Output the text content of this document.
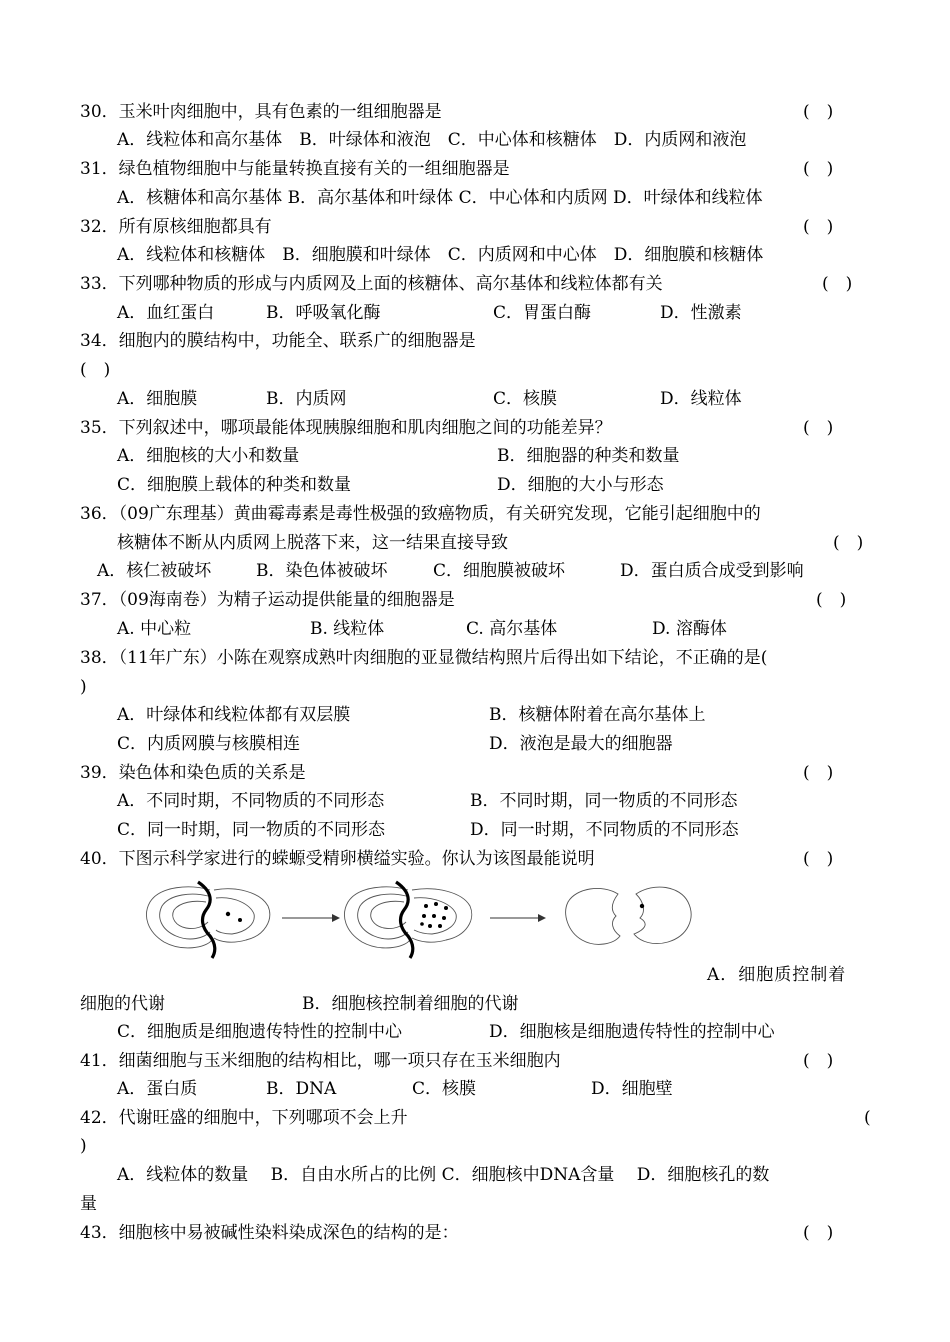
30．玉米叶肉细胞中，具有色素的一组细胞器是	(　)
A．线粒体和高尔基体　B．叶绿体和液泡　C．中心体和核糖体　D．内质网和液泡
31．绿色植物细胞中与能量转换直接有关的一组细胞器是	(　)
A．核糖体和高尔基体 B．高尔基体和叶绿体 C．中心体和内质网 D．叶绿体和线粒体
32．所有原核细胞都具有	(　)
A．线粒体和核糖体　B．细胞膜和叶绿体　C．内质网和中心体　D．细胞膜和核糖体
33．下列哪种物质的形成与内质网及上面的核糖体、高尔基体和线粒体都有关	(　)
A．血红蛋白	B．呼吸氧化酶	C．胃蛋白酶	D．性激素
34．细胞内的膜结构中，功能全、联系广的细胞器是
(　)
A．细胞膜	B．内质网	C．核膜	D．线粒体
35．下列叙述中，哪项最能体现胰腺细胞和肌肉细胞之间的功能差异？	(　)
A．细胞核的大小和数量	B．细胞器的种类和数量
C．细胞膜上载体的种类和数量	D．细胞的大小与形态
36．（09广东理基）黄曲霉毒素是毒性极强的致癌物质，有关研究发现，它能引起细胞中的
核糖体不断从内质网上脱落下来，这一结果直接导致	(　)
A．核仁被破坏	B．染色体被破坏	C．细胞膜被破坏	D．蛋白质合成受到影响
37．（09海南卷）为精子运动提供能量的细胞器是	(　)
A. 中心粒	B. 线粒体	C. 高尔基体	D. 溶酶体
38．（11年广东）小陈在观察成熟叶肉细胞的亚显微结构照片后得出如下结论，不正确的是(
)
A．叶绿体和线粒体都有双层膜	B．核糖体附着在高尔基体上
C．内质网膜与核膜相连	D．液泡是最大的细胞器
39．染色体和染色质的关系是	(　)
A．不同时期，不同物质的不同形态	B．不同时期，同一物质的不同形态
C．同一时期，同一物质的不同形态	D．同一时期，不同物质的不同形态
40．下图示科学家进行的蝾螈受精卵横缢实验。你认为该图最能说明	(　)
A．细胞质控制着
细胞的代谢	B．细胞核控制着细胞的代谢
C．细胞质是细胞遗传特性的控制中心	D．细胞核是细胞遗传特性的控制中心
41．细菌细胞与玉米细胞的结构相比，哪一项只存在玉米细胞内	(　)
A．蛋白质	B．DNA	C．核膜	D．细胞壁
42．代谢旺盛的细胞中，下列哪项不会上升	(
)
A．线粒体的数量　 B．自由水所占的比例 C．细胞核中DNA含量　 D．细胞核孔的数
量
43．细胞核中易被碱性染料染成深色的结构的是：	(　)
